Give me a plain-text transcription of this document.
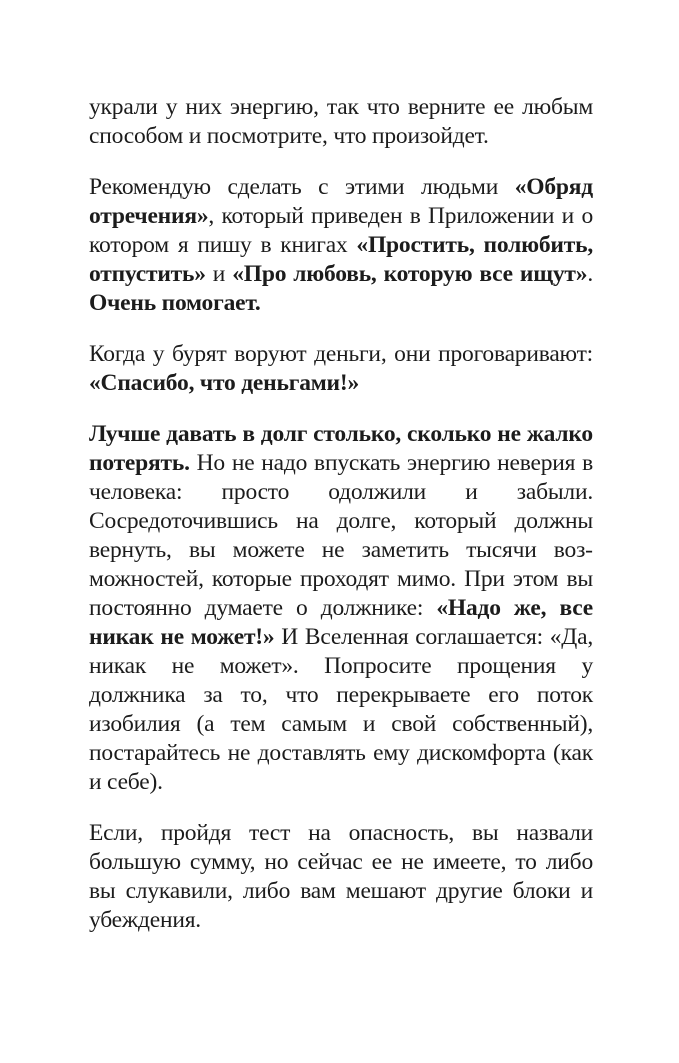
украли у них энергию, так что верните ее любым способом и посмотрите, что произойдет.

Рекомендую сделать с этими людьми «Обряд отречения», который приведен в Приложении и о котором я пишу в книгах «Простить, полюбить, отпустить» и «Про любовь, которую все ищут». Очень помогает.

Когда у бурят воруют деньги, они проговаривают: «Спасибо, что деньгами!»

Лучше давать в долг столько, сколько не жалко потерять. Но не надо впускать энергию неверия в человека: просто одолжили и забыли. Сосредоточившись на долге, который должны вернуть, вы можете не заметить тысячи возможностей, которые проходят мимо. При этом вы постоянно думаете о должнике: «Надо же, все никак не может!» И Вселенная соглашается: «Да, никак не может». Попросите прощения у должника за то, что перекрываете его поток изобилия (а тем самым и свой собственный), постарайтесь не доставлять ему дискомфорта (как и себе).

Если, пройдя тест на опасность, вы назвали большую сумму, но сейчас ее не имеете, то либо вы слукавили, либо вам мешают другие блоки и убеждения.
